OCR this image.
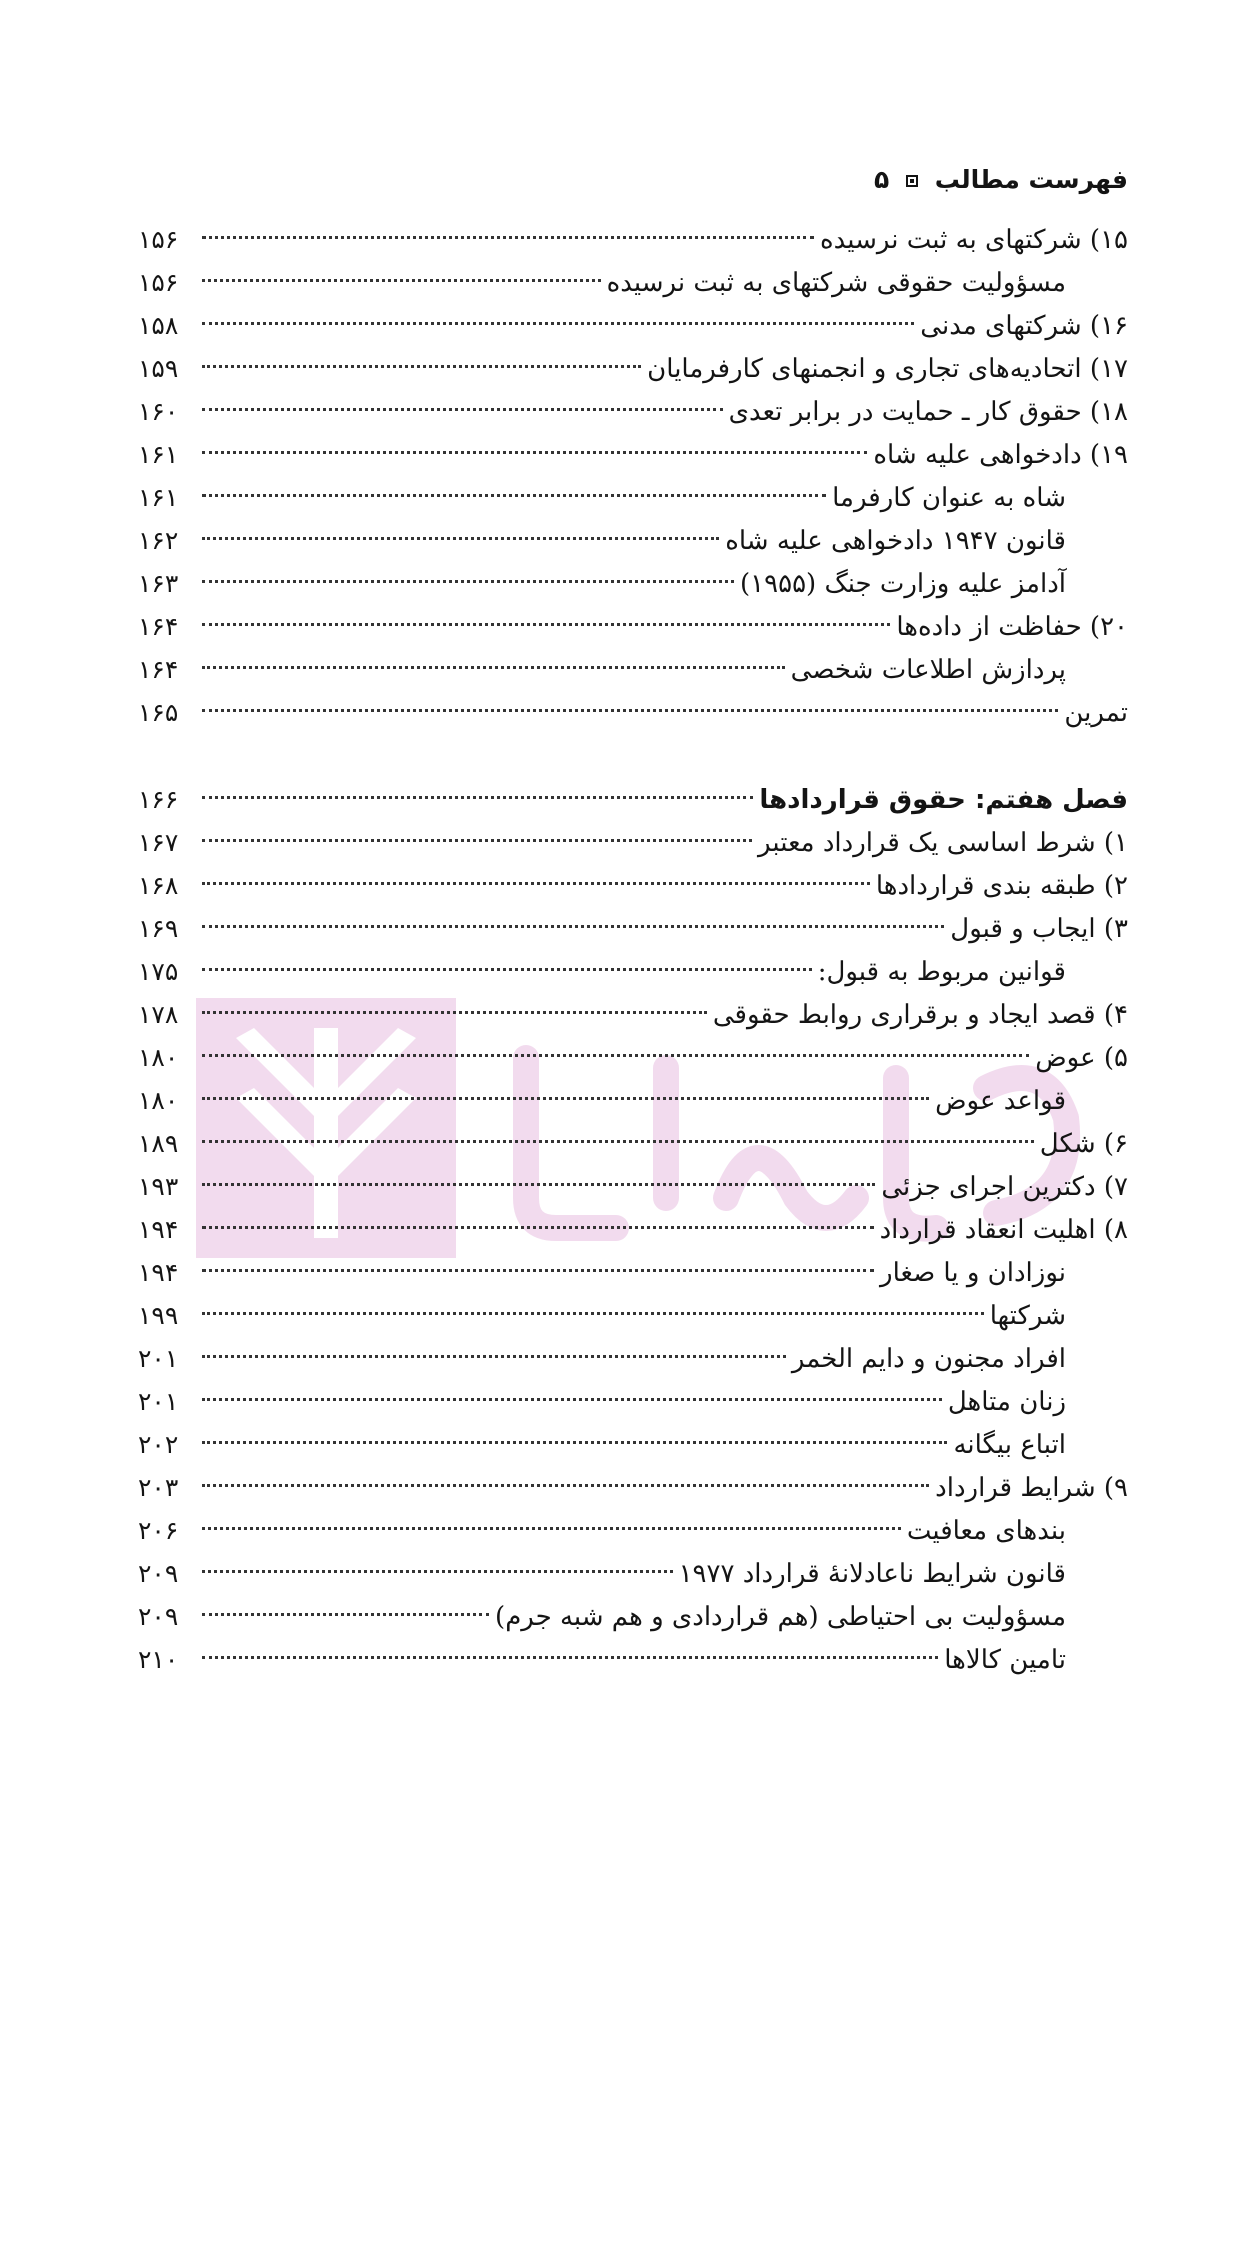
فهرست مطالب  ۵
۱۵) شرکتهای به ثبت نرسیده
۱۵۶
مسؤولیت حقوقی شرکتهای به ثبت نرسیده
۱۵۶
۱۶) شرکتهای مدنی
۱۵۸
۱۷) اتحادیه‌های تجاری و انجمنهای کارفرمایان
۱۵۹
۱۸) حقوق کار ـ حمایت در برابر تعدی
۱۶۰
۱۹) دادخواهی علیه شاه
۱۶۱
شاه به عنوان کارفرما
۱۶۱
قانون ۱۹۴۷ دادخواهی علیه شاه
۱۶۲
آدامز علیه وزارت جنگ (۱۹۵۵)
۱۶۳
۲۰) حفاظت از داده‌ها
۱۶۴
پردازش اطلاعات شخصی
۱۶۴
تمرین
۱۶۵
فصل هفتم: حقوق قراردادها
۱۶۶
۱) شرط اساسی یک قرارداد معتبر
۱۶۷
۲) طبقه بندی قراردادها
۱۶۸
۳) ایجاب و قبول
۱۶۹
قوانین مربوط به قبول:
۱۷۵
۴) قصد ایجاد و برقراری روابط حقوقی
۱۷۸
۵) عوض
۱۸۰
قواعد عوض
۱۸۰
۶) شکل
۱۸۹
۷) دکترین اجرای جزئی
۱۹۳
۸) اهلیت انعقاد قرارداد
۱۹۴
نوزادان و یا صغار
۱۹۴
شرکتها
۱۹۹
افراد مجنون و دایم الخمر
۲۰۱
زنان متاهل
۲۰۱
اتباع بیگانه
۲۰۲
۹) شرایط قرارداد
۲۰۳
بندهای معافیت
۲۰۶
قانون شرایط ناعادلانهٔ قرارداد ۱۹۷۷
۲۰۹
مسؤولیت بی احتیاطی (هم قراردادی و هم شبه جرم)
۲۰۹
تامین کالاها
۲۱۰
